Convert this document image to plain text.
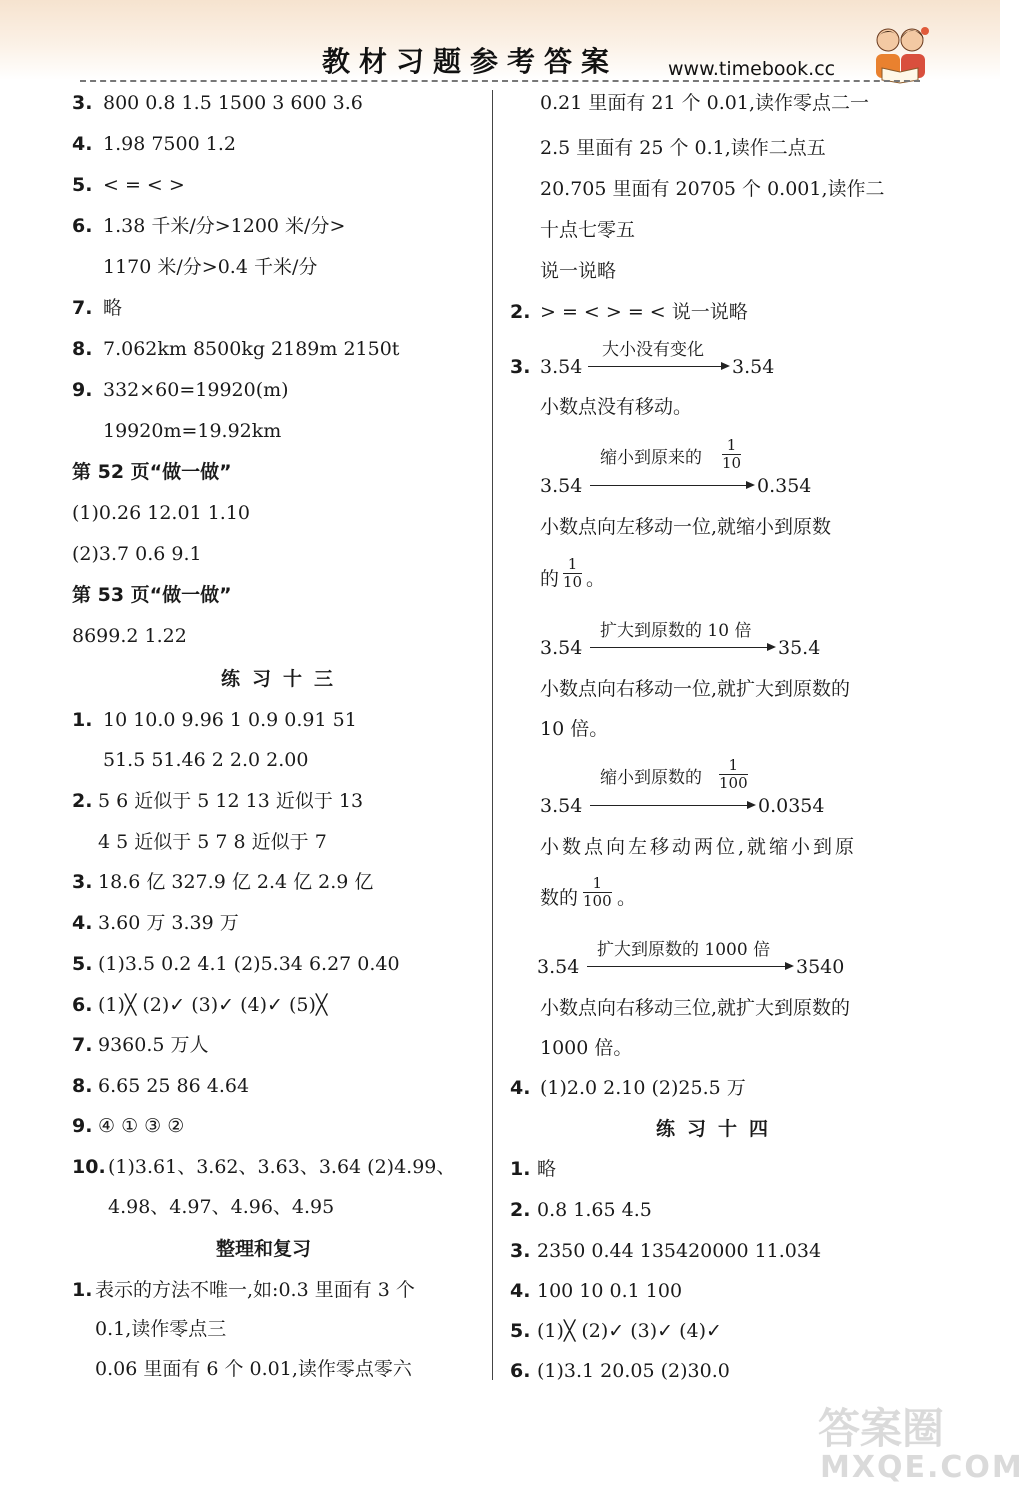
教材习题参考答案	www.timebook.cc
3. 800 0.8 1.5 1500 3 600 3.6
4. 1.98 7500 1.2
5. < = < >
6. 1.38 千米/分>1200 米/分>
1170 米/分>0.4 千米/分
7. 略
8. 7.062km 8500kg 2189m 2150t
9. 332×60=19920(m)
19920m=19.92km
第 52 页“做一做”
(1)0.26 12.01 1.10
(2)3.7 0.6 9.1
第 53 页“做一做”
8699.2 1.22
练习十三
1. 10 10.0 9.96 1 0.9 0.91 51
51.5 51.46 2 2.0 2.00
2. 5 6 近似于 5 12 13 近似于 13
4 5 近似于 5 7 8 近似于 7
3. 18.6 亿 327.9 亿 2.4 亿 2.9 亿
4. 3.60 万 3.39 万
5. (1)3.5 0.2 4.1 (2)5.34 6.27 0.40
6. (1)╳ (2)✓ (3)✓ (4)✓ (5)╳
7. 9360.5 万人
8. 6.65 25 86 4.64
9. ④ ① ③ ②
10. (1)3.61、3.62、3.63、3.64 (2)4.99、
4.98、4.97、4.96、4.95
整理和复习
1. 表示的方法不唯一,如:0.3 里面有 3 个
0.1,读作零点三
0.06 里面有 6 个 0.01,读作零点零六
0.21 里面有 21 个 0.01,读作零点二一
2.5 里面有 25 个 0.1,读作二点五
20.705 里面有 20705 个 0.001,读作二
十点七零五
说一说略
2. > = < > = < 说一说略
3. 3.54
大小没有变化
3.54
小数点没有移动。
3.54
缩小到原来的 $\frac{1}{10}$
0.354
小数点向左移动一位,就缩小到原数
的 $\frac{1}{10}$ 。
3.54
扩大到原数的 10 倍
35.4
小数点向右移动一位,就扩大到原数的
10 倍。
3.54
缩小到原数的 $\frac{1}{100}$
0.0354
小数点向左移动两位,就缩小到原
数的 $\frac{1}{100}$ 。
3.54
扩大到原数的 1000 倍
3540
小数点向右移动三位,就扩大到原数的
1000 倍。
4. (1)2.0 2.10 (2)25.5 万
练习十四
1. 略
2. 0.8 1.65 4.5
3. 2350 0.44 135420000 11.034
4. 100 10 0.1 100
5. (1)╳ (2)✓ (3)✓ (4)✓
6. (1)3.1 20.05 (2)30.0
答案圈
MXQE.COM
